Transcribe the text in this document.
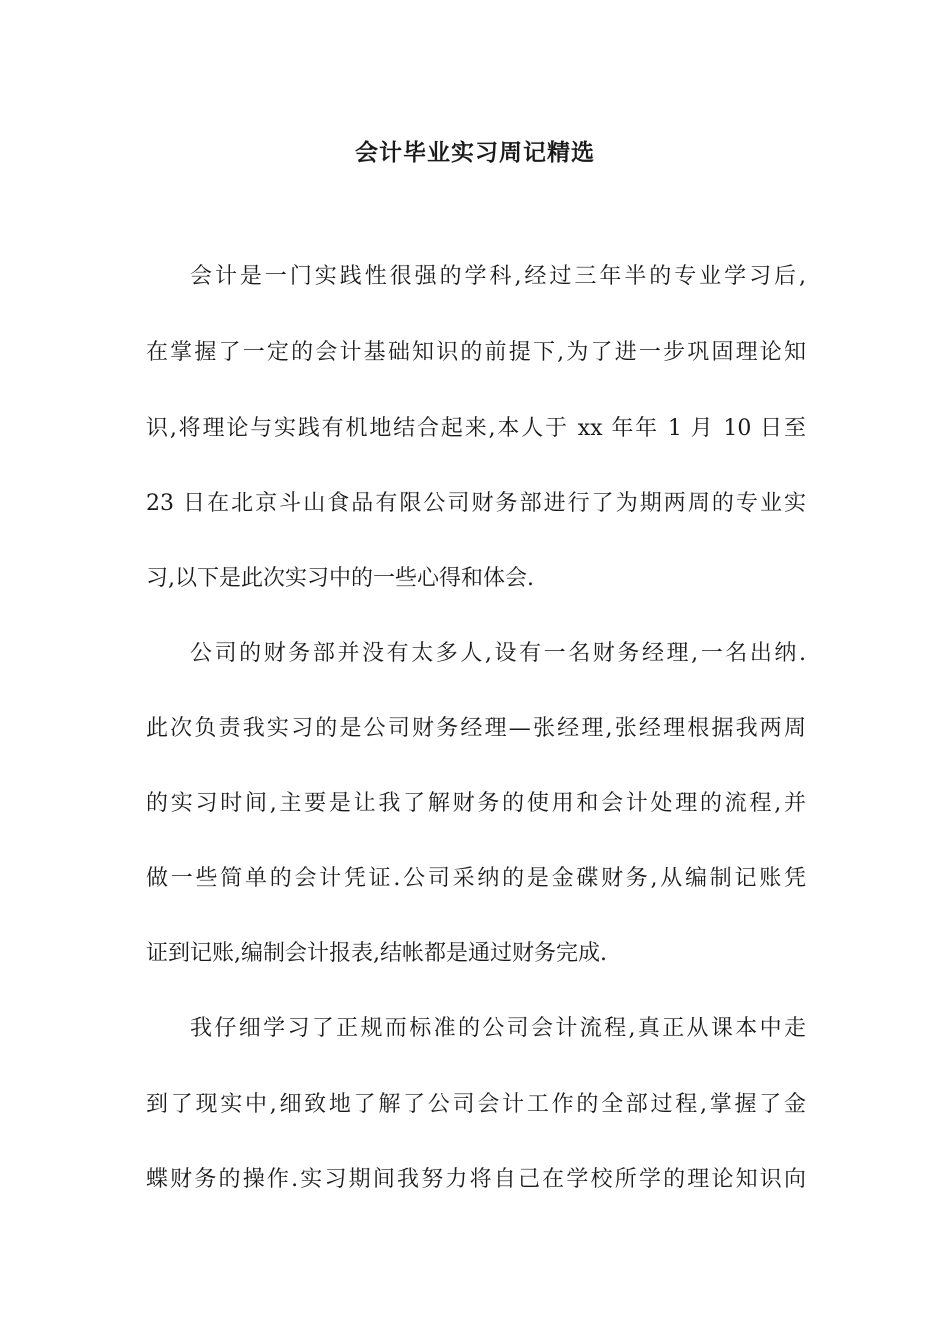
会计毕业实习周记精选
会计是一门实践性很强的学科,经过三年半的专业学习后,
在掌握了一定的会计基础知识的前提下,为了进一步巩固理论知
识,将理论与实践有机地结合起来,本人于 xx 年年 1 月 10 日至
23 日在北京斗山食品有限公司财务部进行了为期两周的专业实
习,以下是此次实习中的一些心得和体会.
公司的财务部并没有太多人,设有一名财务经理,一名出纳.
此次负责我实习的是公司财务经理—张经理,张经理根据我两周
的实习时间,主要是让我了解财务的使用和会计处理的流程,并
做一些简单的会计凭证.公司采纳的是金碟财务,从编制记账凭
证到记账,编制会计报表,结帐都是通过财务完成.
我仔细学习了正规而标准的公司会计流程,真正从课本中走
到了现实中,细致地了解了公司会计工作的全部过程,掌握了金
蝶财务的操作.实习期间我努力将自己在学校所学的理论知识向
